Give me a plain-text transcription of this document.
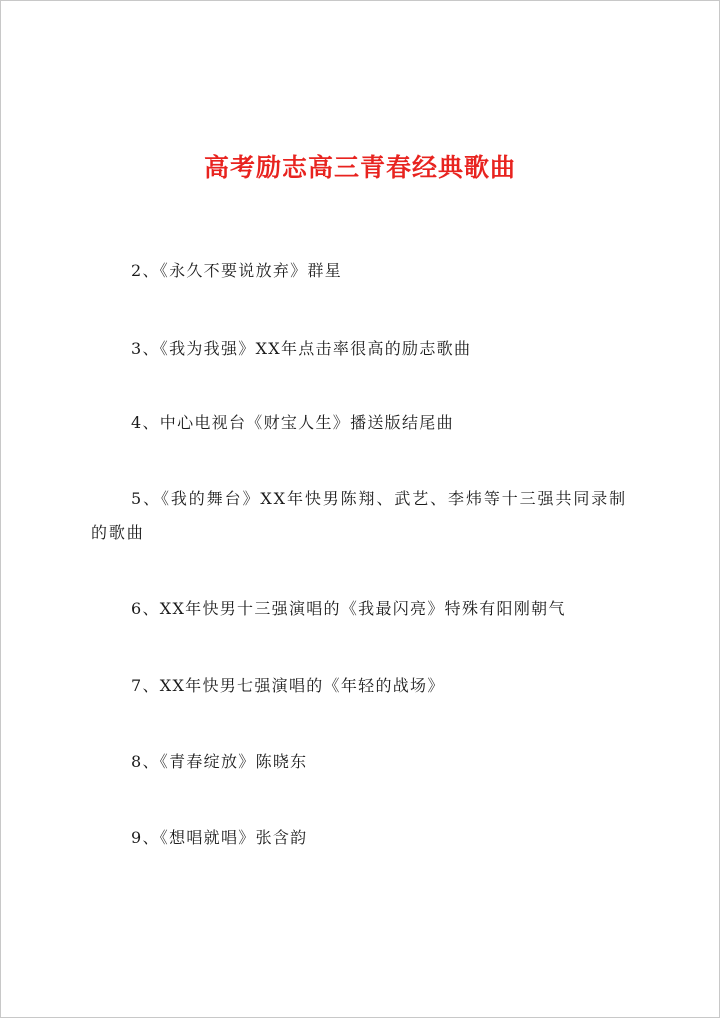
高考励志高三青春经典歌曲
2、《永久不要说放弃》群星
3、《我为我强》XX年点击率很高的励志歌曲
4、中心电视台《财宝人生》播送版结尾曲
5、《我的舞台》XX年快男陈翔、武艺、李炜等十三强共同录制的歌曲
6、XX年快男十三强演唱的《我最闪亮》特殊有阳刚朝气
7、XX年快男七强演唱的《年轻的战场》
8、《青春绽放》陈晓东
9、《想唱就唱》张含韵
